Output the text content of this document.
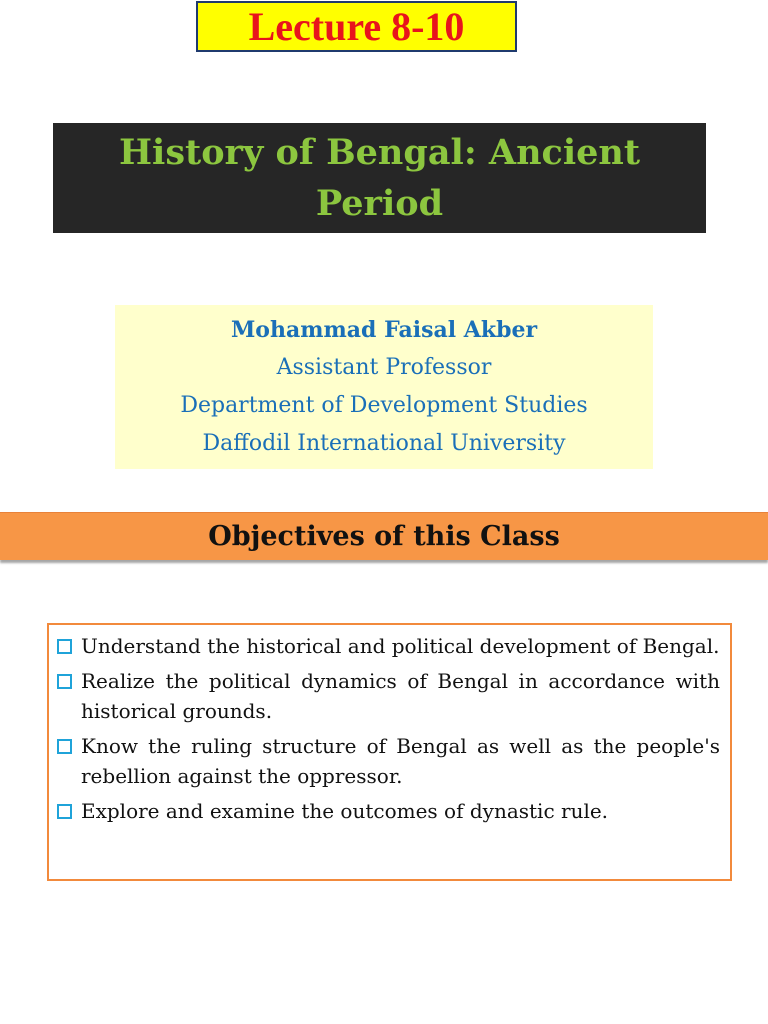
Lecture 8-10
History of Bengal: Ancient Period
Mohammad Faisal Akber
Assistant Professor
Department of Development Studies
Daffodil International University
Objectives of this Class
Understand the historical and political development of Bengal.
Realize the political dynamics of Bengal in accordance with historical grounds.
Know the ruling structure of Bengal as well as the people's rebellion against the oppressor.
Explore and examine the outcomes of dynastic rule.
